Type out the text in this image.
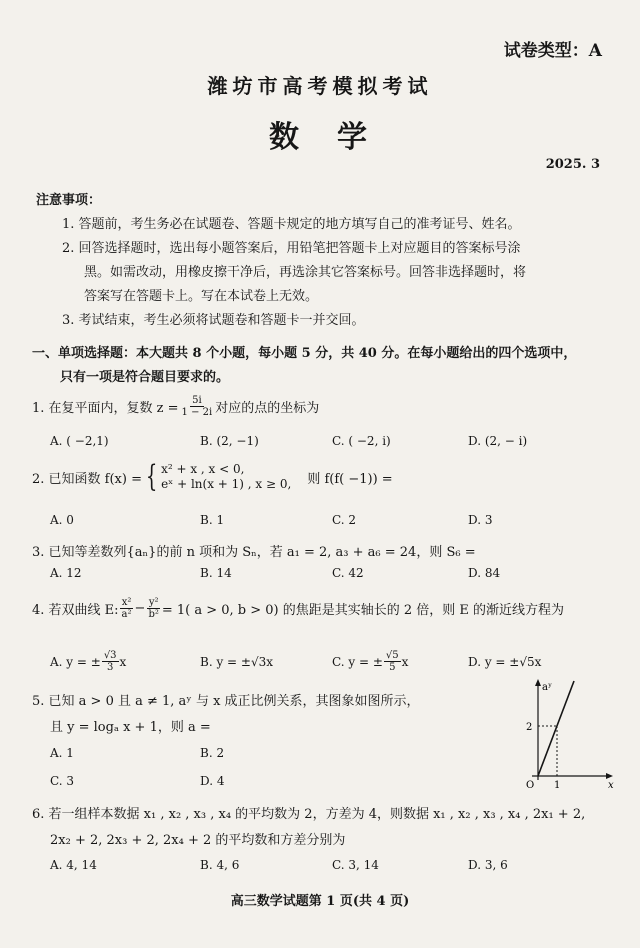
试卷类型：A
潍坊市高考模拟考试
数　学
2025. 3
注意事项：
1. 答题前，考生务必在试题卷、答题卡规定的地方填写自己的准考证号、姓名。
2. 回答选择题时，选出每小题答案后，用铅笔把答题卡上对应题目的答案标号涂
黑。如需改动，用橡皮擦干净后，再选涂其它答案标号。回答非选择题时，将
答案写在答题卡上。写在本试卷上无效。
3. 考试结束，考生必须将试题卷和答题卡一并交回。
一、单项选择题：本大题共 8 个小题，每小题 5 分，共 40 分。在每小题给出的四个选项中，
只有一项是符合题目要求的。
1. 在复平面内，复数 $z = \frac{5i}{1 - 2i}$ 对应的点的坐标为
A. ( −2,1)	B. (2, −1)	C. ( −2, i)	D. (2, − i)
2. 已知函数 f(x) = { x² + x , x < 0,
eˣ + ln(x + 1) , x ≥ 0, 则 f(f( −1)) =
A. 0	B. 1	C. 2	D. 3
3. 已知等差数列{aₙ}的前 n 项和为 Sₙ，若 a₁ = 2, a₃ + a₆ = 24，则 S₆ =
A. 12	B. 14	C. 42	D. 84
4. 若双曲线 E: $\frac{\text{x²}}{\text{a²}} - \frac{\text{y²}}{\text{b²}} = 1$( a > 0, b > 0) 的焦距是其实轴长的 2 倍，则 E 的渐近线方程为
A. y = ± $\frac{√3}{3}$ x	B. y = ±√3x	C. y = ± $\frac{√5}{5}$ x	D. y = ±√5x
5. 已知 a > 0 且 a ≠ 1, aʸ 与 x 成正比例关系，其图象如图所示，
且 y = logₐ x + 1，则 a =
A. 1	B. 2
C. 3	D. 4
aʸ
x
O
2
1
6. 若一组样本数据 x₁ , x₂ , x₃ , x₄ 的平均数为 2，方差为 4，则数据 x₁ , x₂ , x₃ , x₄ , 2x₁ + 2,
2x₂ + 2, 2x₃ + 2, 2x₄ + 2 的平均数和方差分别为
A. 4, 14	B. 4, 6	C. 3, 14	D. 3, 6
高三数学试题第 1 页(共 4 页)
